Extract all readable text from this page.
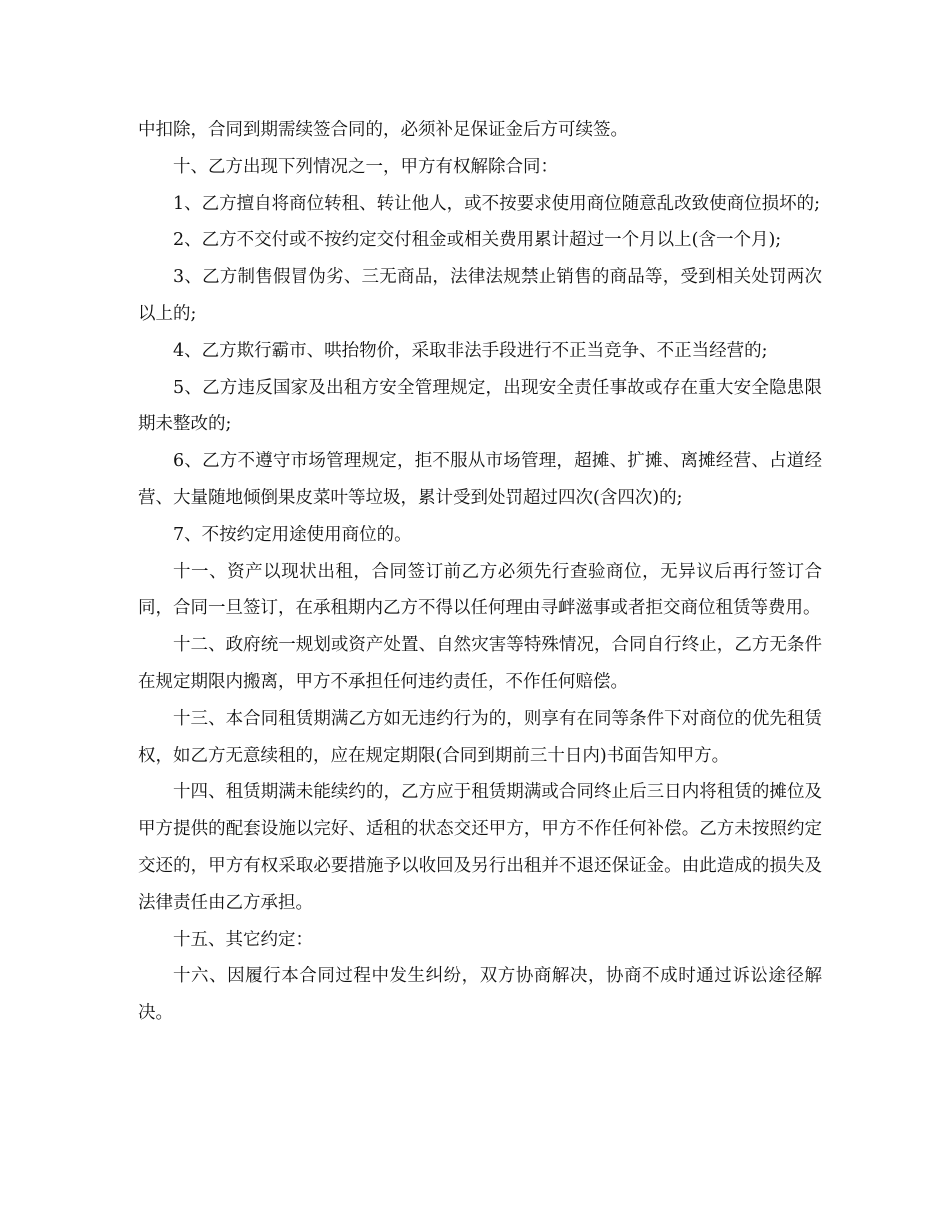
中扣除，合同到期需续签合同的，必须补足保证金后方可续签。

十、乙方出现下列情况之一，甲方有权解除合同：

1、乙方擅自将商位转租、转让他人，或不按要求使用商位随意乱改致使商位损坏的;

2、乙方不交付或不按约定交付租金或相关费用累计超过一个月以上(含一个月);

3、乙方制售假冒伪劣、三无商品，法律法规禁止销售的商品等，受到相关处罚两次以上的;

4、乙方欺行霸市、哄抬物价，采取非法手段进行不正当竞争、不正当经营的;

5、乙方违反国家及出租方安全管理规定，出现安全责任事故或存在重大安全隐患限期未整改的;

6、乙方不遵守市场管理规定，拒不服从市场管理，超摊、扩摊、离摊经营、占道经营、大量随地倾倒果皮菜叶等垃圾，累计受到处罚超过四次(含四次)的;

7、不按约定用途使用商位的。

十一、资产以现状出租，合同签订前乙方必须先行查验商位，无异议后再行签订合同，合同一旦签订，在承租期内乙方不得以任何理由寻衅滋事或者拒交商位租赁等费用。

十二、政府统一规划或资产处置、自然灾害等特殊情况，合同自行终止，乙方无条件在规定期限内搬离，甲方不承担任何违约责任，不作任何赔偿。

十三、本合同租赁期满乙方如无违约行为的，则享有在同等条件下对商位的优先租赁权，如乙方无意续租的，应在规定期限(合同到期前三十日内)书面告知甲方。

十四、租赁期满未能续约的，乙方应于租赁期满或合同终止后三日内将租赁的摊位及甲方提供的配套设施以完好、适租的状态交还甲方，甲方不作任何补偿。乙方未按照约定交还的，甲方有权采取必要措施予以收回及另行出租并不退还保证金。由此造成的损失及法律责任由乙方承担。

十五、其它约定：

十六、因履行本合同过程中发生纠纷，双方协商解决，协商不成时通过诉讼途径解决。
